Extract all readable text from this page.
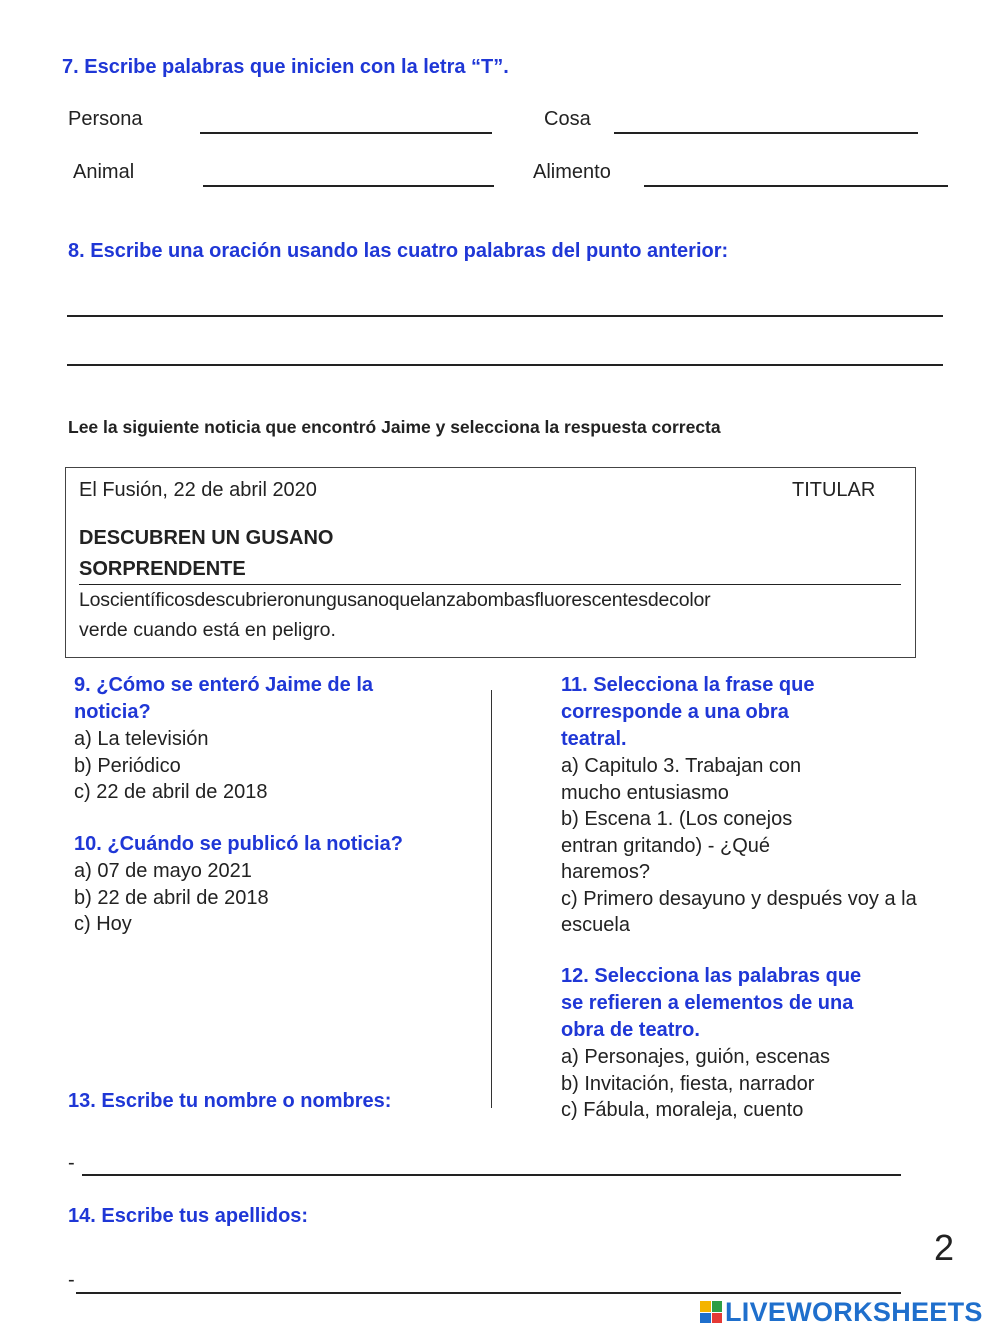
7. Escribe palabras que inicien con la letra “T”.
Persona	Cosa
Animal	Alimento
8. Escribe una oración usando las cuatro palabras del punto anterior:
Lee la siguiente noticia que encontró Jaime y selecciona la respuesta correcta
El Fusión, 22 de abril 2020	TITULAR
DESCUBREN UN GUSANO
SORPRENDENTE
Loscientíficosdescubrieronungusanoquelanzabombasfluorescentesdecolor
verde cuando está en peligro.
9. ¿Cómo se enteró Jaime de la
noticia?
a) La televisión
b) Periódico
c) 22 de abril de 2018
10. ¿Cuándo se publicó la noticia?
a) 07 de mayo 2021
b) 22 de abril de 2018
c) Hoy
11. Selecciona la frase que
corresponde a una obra
teatral.
a) Capitulo 3. Trabajan con
mucho entusiasmo
b) Escena 1. (Los conejos
entran gritando) - ¿Qué
haremos?
c) Primero desayuno y después voy a la
escuela
12. Selecciona las palabras que
se refieren a elementos de una
obra de teatro.
a) Personajes, guión, escenas
b) Invitación, fiesta, narrador
c) Fábula, moraleja, cuento
13. Escribe tu nombre o nombres:
-
14. Escribe tus apellidos:
-
2
LIVEWORKSHEETS
